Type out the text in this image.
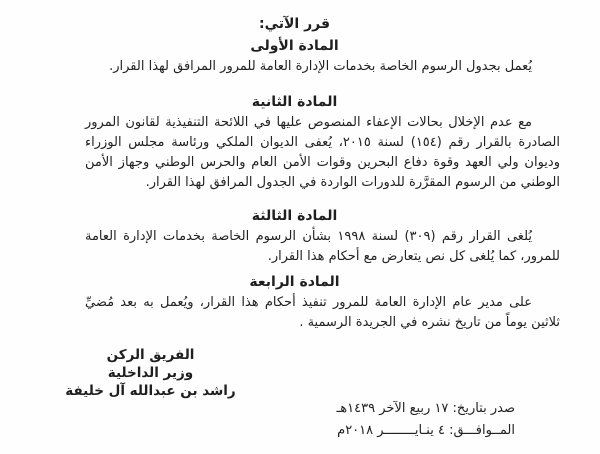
قرر الآتي:
المادة الأولى

يُعمل بجدول الرسوم الخاصة بخدمات الإدارة العامة للمرور المرافق لهذا القرار.

المادة الثانية

مع عدم الإخلال بحالات الإعفاء المنصوص عليها في اللائحة التنفيذية لقانون المرور الصادرة بالقرار رقم (١٥٤) لسنة ٢٠١٥، يُعفى الديوان الملكي ورئاسة مجلس الوزراء وديوان ولي العهد وقوة دفاع البحرين وقوات الأمن العام والحرس الوطني وجهاز الأمن الوطني من الرسوم المقرَّرة للدورات الواردة في الجدول المرافق لهذا القرار.

المادة الثالثة

يُلغى القرار رقم (٣٠٩) لسنة ١٩٩٨ بشأن الرسوم الخاصة بخدمات الإدارة العامة للمرور، كما يُلغى كل نص يتعارض مع أحكام هذا القرار.

المادة الرابعة

على مدير عام الإدارة العامة للمرور تنفيذ أحكام هذا القرار، ويُعمل به بعد مُضيِّ ثلاثين يوماً من تاريخ نشره في الجريدة الرسمية .

الفريق الركن
وزير الداخلية
راشد بن عبدالله آل خليفة
صدر بتاريخ: ١٧ ربيع الآخر ١٤٣٩هـ
المــوافـــق: ٤ ينـايــــــــر ٢٠١٨م
